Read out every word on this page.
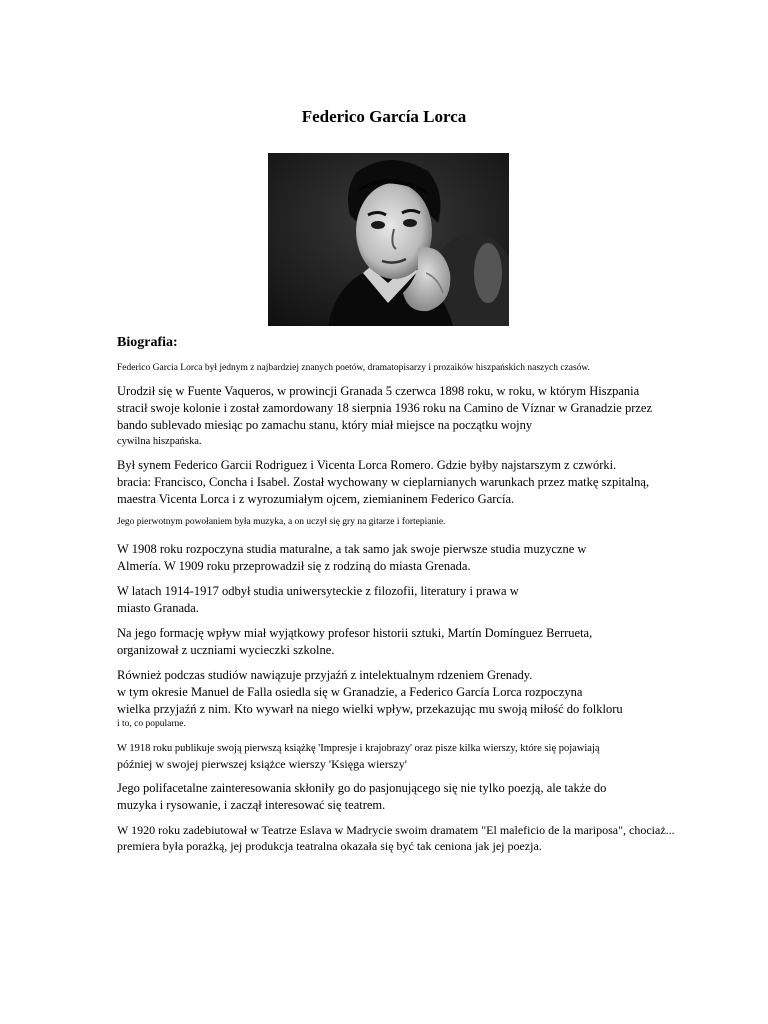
Federico García Lorca
Biografia:

Federico Garcia Lorca był jednym z najbardziej znanych poetów, dramatopisarzy i prozaików hiszpańskich naszych czasów.

Urodził się w Fuente Vaqueros, w prowincji Granada 5 czerwca 1898 roku, w roku, w którym Hiszpania
stracił swoje kolonie i został zamordowany 18 sierpnia 1936 roku na Camino de Víznar w Granadzie przez
bando sublevado miesiąc po zamachu stanu, który miał miejsce na początku wojny
cywilna hiszpańska.

Był synem Federico Garcii Rodriguez i Vicenta Lorca Romero. Gdzie byłby najstarszym z czwórki.
bracia: Francisco, Concha i Isabel. Został wychowany w cieplarnianych warunkach przez matkę szpitalną,
maestra Vicenta Lorca i z wyrozumiałym ojcem, ziemianinem Federico García.

Jego pierwotnym powołaniem była muzyka, a on uczył się gry na gitarze i fortepianie.

W 1908 roku rozpoczyna studia maturalne, a tak samo jak swoje pierwsze studia muzyczne w
Almería. W 1909 roku przeprowadził się z rodziną do miasta Grenada.

W latach 1914-1917 odbył studia uniwersyteckie z filozofii, literatury i prawa w
miasto Granada.

Na jego formację wpływ miał wyjątkowy profesor historii sztuki, Martín Domínguez Berrueta,
organizował z uczniami wycieczki szkolne.

Również podczas studiów nawiązuje przyjaźń z intelektualnym rdzeniem Grenady.
w tym okresie Manuel de Falla osiedla się w Granadzie, a Federico García Lorca rozpoczyna
wielka przyjaźń z nim. Kto wywarł na niego wielki wpływ, przekazując mu swoją miłość do folkloru
i to, co popularne.

W 1918 roku publikuje swoją pierwszą książkę 'Impresje i krajobrazy' oraz pisze kilka wierszy, które się pojawiają
później w swojej pierwszej książce wierszy 'Księga wierszy'

Jego polifacetalne zainteresowania skłoniły go do pasjonującego się nie tylko poezją, ale także do
muzyka i rysowanie, i zaczął interesować się teatrem.

W 1920 roku zadebiutował w Teatrze Eslava w Madrycie swoim dramatem "El maleficio de la mariposa", chociaż...
premiera była porażką, jej produkcja teatralna okazała się być tak ceniona jak jej poezja.
